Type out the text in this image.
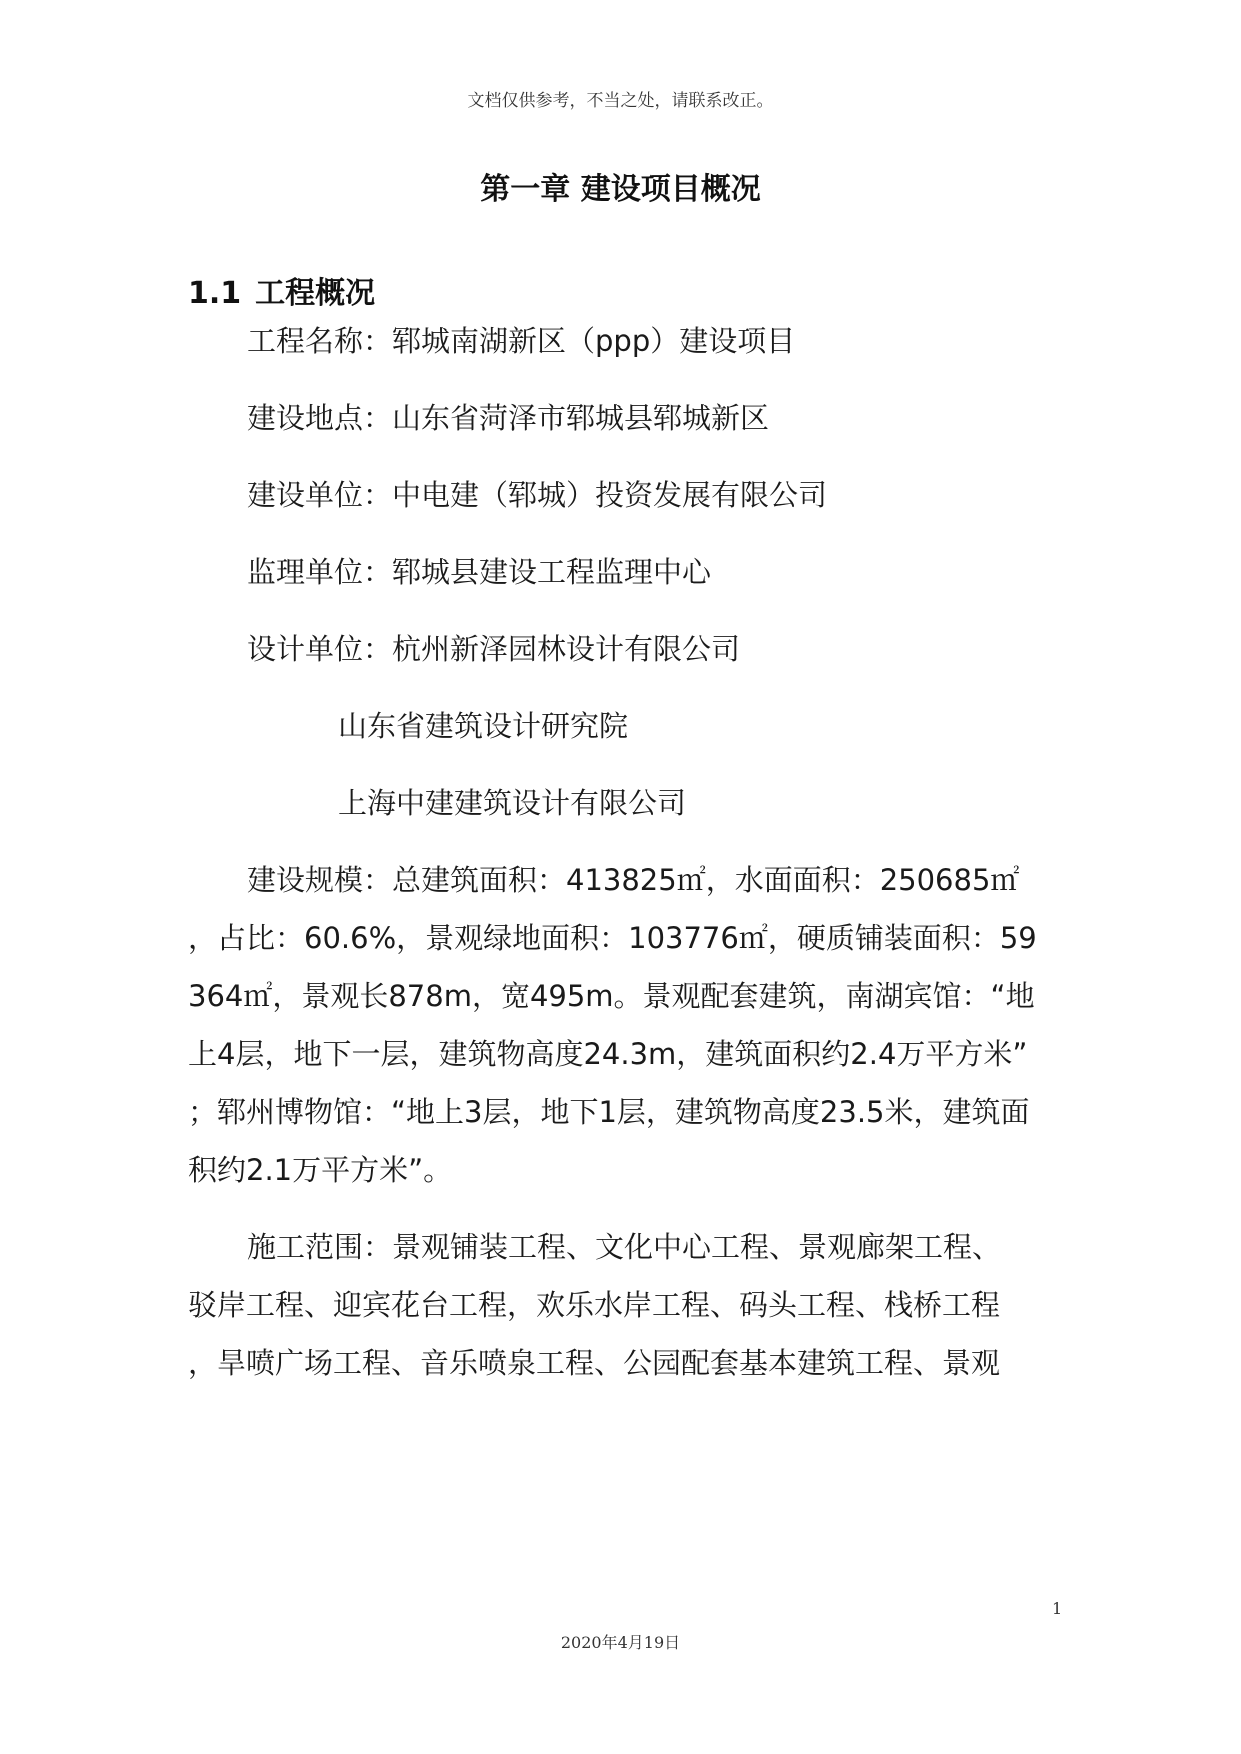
文档仅供参考，不当之处，请联系改正。
第一章 建设项目概况
1.1 工程概况
工程名称：郓城南湖新区（ppp）建设项目
建设地点：山东省菏泽市郓城县郓城新区
建设单位：中电建（郓城）投资发展有限公司
监理单位：郓城县建设工程监理中心
设计单位：杭州新泽园林设计有限公司
山东省建筑设计研究院
上海中建建筑设计有限公司
建设规模：总建筑面积：413825㎡，水面面积：250685㎡
，占比：60.6%，景观绿地面积：103776㎡，硬质铺装面积：59
364㎡，景观长878m，宽495m。景观配套建筑，南湖宾馆：“地
上4层，地下一层，建筑物高度24.3m，建筑面积约2.4万平方米”
；郓州博物馆：“地上3层，地下1层，建筑物高度23.5米，建筑面
积约2.1万平方米”。
施工范围：景观铺装工程、文化中心工程、景观廊架工程、
驳岸工程、迎宾花台工程，欢乐水岸工程、码头工程、栈桥工程
，旱喷广场工程、音乐喷泉工程、公园配套基本建筑工程、景观
1
2020年4月19日
